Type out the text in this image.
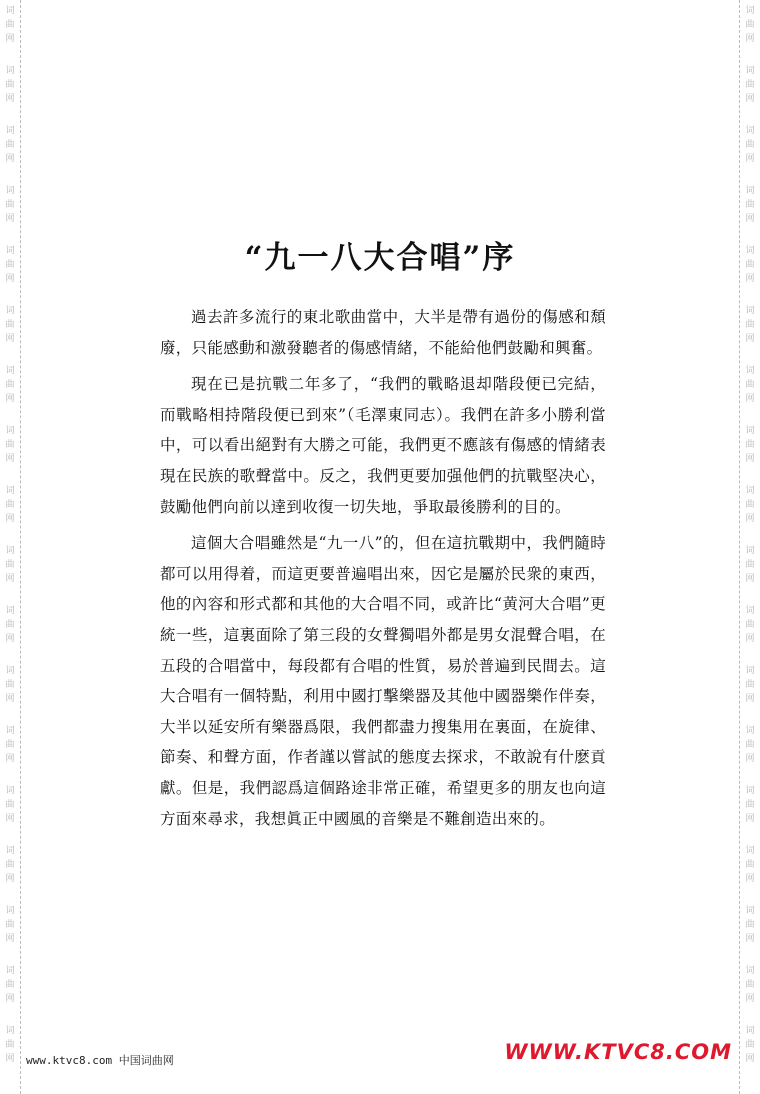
词
曲
网
词
曲
网
词
曲
网
词
曲
网
词
曲
网
词
曲
网
词
曲
网
词
曲
网
词
曲
网
词
曲
网
词
曲
网
词
曲
网
词
曲
网
词
曲
网
词
曲
网
词
曲
网
词
曲
网
词
曲
网
词
曲
网
词
曲
网
词
曲
网
词
曲
网
词
曲
网
词
曲
网
词
曲
网
词
曲
网
词
曲
网
词
曲
网
词
曲
网
词
曲
网
词
曲
网
词
曲
网
词
曲
网
词
曲
网
词
曲
网
词
曲
网
“九一八大合唱”序

過去許多流行的東北歌曲當中，大半是帶有過份的傷感和頹廢，只能感動和激發聽者的傷感情緒，不能給他們鼓勵和興奮。

現在已是抗戰二年多了，“我們的戰略退却階段便已完結，而戰略相持階段便已到來”（毛澤東同志）。我們在許多小勝利當中，可以看出絕對有大勝之可能，我們更不應該有傷感的情緒表現在民族的歌聲當中。反之，我們更要加强他們的抗戰堅决心，鼓勵他們向前以達到收復一切失地，爭取最後勝利的目的。

這個大合唱雖然是“九一八”的，但在這抗戰期中，我們隨時都可以用得着，而這更要普遍唱出來，因它是屬於民衆的東西，他的內容和形式都和其他的大合唱不同，或許比“黄河大合唱”更統一些，這裏面除了第三段的女聲獨唱外都是男女混聲合唱，在五段的合唱當中，每段都有合唱的性質，易於普遍到民間去。這大合唱有一個特點，利用中國打擊樂器及其他中國器樂作伴奏，大半以延安所有樂器爲限，我們都盡力搜集用在裏面，在旋律、節奏、和聲方面，作者謹以嘗試的態度去探求，不敢說有什麽貢獻。但是，我們認爲這個路途非常正確，希望更多的朋友也向這方面來尋求，我想眞正中國風的音樂是不難創造出來的。

www.ktvc8.com 中国词曲网	WWW.KTVC8.COM
